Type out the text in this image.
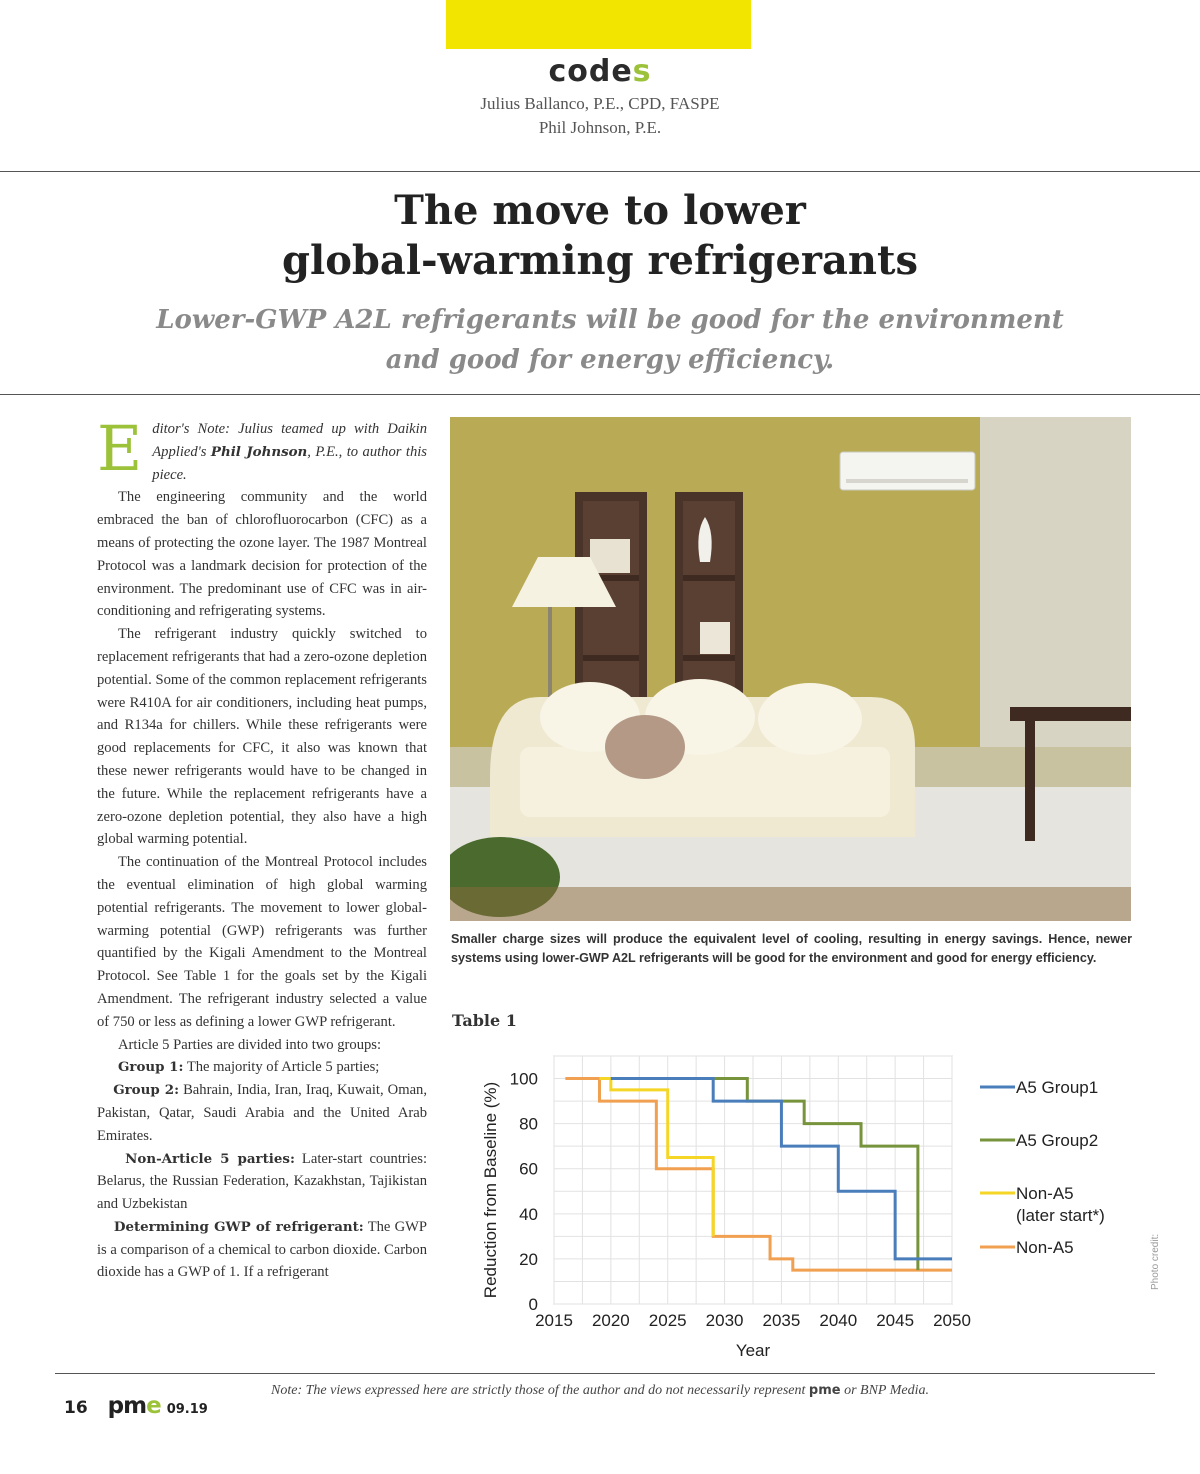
codes
Julius Ballanco, P.E., CPD, FASPE
Phil Johnson, P.E.
The move to lower
global-warming refrigerants
Lower-GWP A2L refrigerants will be good for the environment
and good for energy efficiency.

Editor's Note: Julius teamed up with Daikin Applied's Phil Johnson, P.E., to author this piece.

The engineering community and the world embraced the ban of chlorofluorocarbon (CFC) as a means of protecting the ozone layer. The 1987 Montreal Protocol was a landmark decision for protection of the environment. The predominant use of CFC was in air-conditioning and refrigerating systems.

The refrigerant industry quickly switched to replacement refrigerants that had a zero-ozone depletion potential. Some of the common replacement refrigerants were R410A for air conditioners, including heat pumps, and R134a for chillers. While these refrigerants were good replacements for CFC, it also was known that these newer refrigerants would have to be changed in the future. While the replacement refrigerants have a zero-ozone depletion potential, they also have a high global warming potential.

The continuation of the Montreal Protocol includes the eventual elimination of high global warming potential refrigerants. The movement to lower global-warming potential (GWP) refrigerants was further quantified by the Kigali Amendment to the Montreal Protocol. See Table 1 for the goals set by the Kigali Amendment. The refrigerant industry selected a value of 750 or less as defining a lower GWP refrigerant.

Article 5 Parties are divided into two groups:

Group 1: The majority of Article 5 parties;

Group 2: Bahrain, India, Iran, Iraq, Kuwait, Oman, Pakistan, Qatar, Saudi Arabia and the United Arab Emirates.

Non-Article 5 parties: Later-start countries: Belarus, the Russian Federation, Kazakhstan, Tajikistan and Uzbekistan

Determining GWP of refrigerant: The GWP is a comparison of a chemical to carbon dioxide. Carbon dioxide has a GWP of 1. If a refrigerant

Smaller charge sizes will produce the equivalent level of cooling, resulting in energy savings. Hence, newer systems using lower-GWP A2L refrigerants will be good for the environment and good for energy efficiency.
Table 1
2015 2020 2025 2030 2035 2040 2045 2050
0
20
40
60
80
100
Year
Reduction from Baseline (%)	A5 Group1
A5 Group2
Non-A5
(later start*)
Non-A5	Photo credit:
Note: The views expressed here are strictly those of the author and do not necessarily represent pme or BNP Media.
16 pme 09.19
